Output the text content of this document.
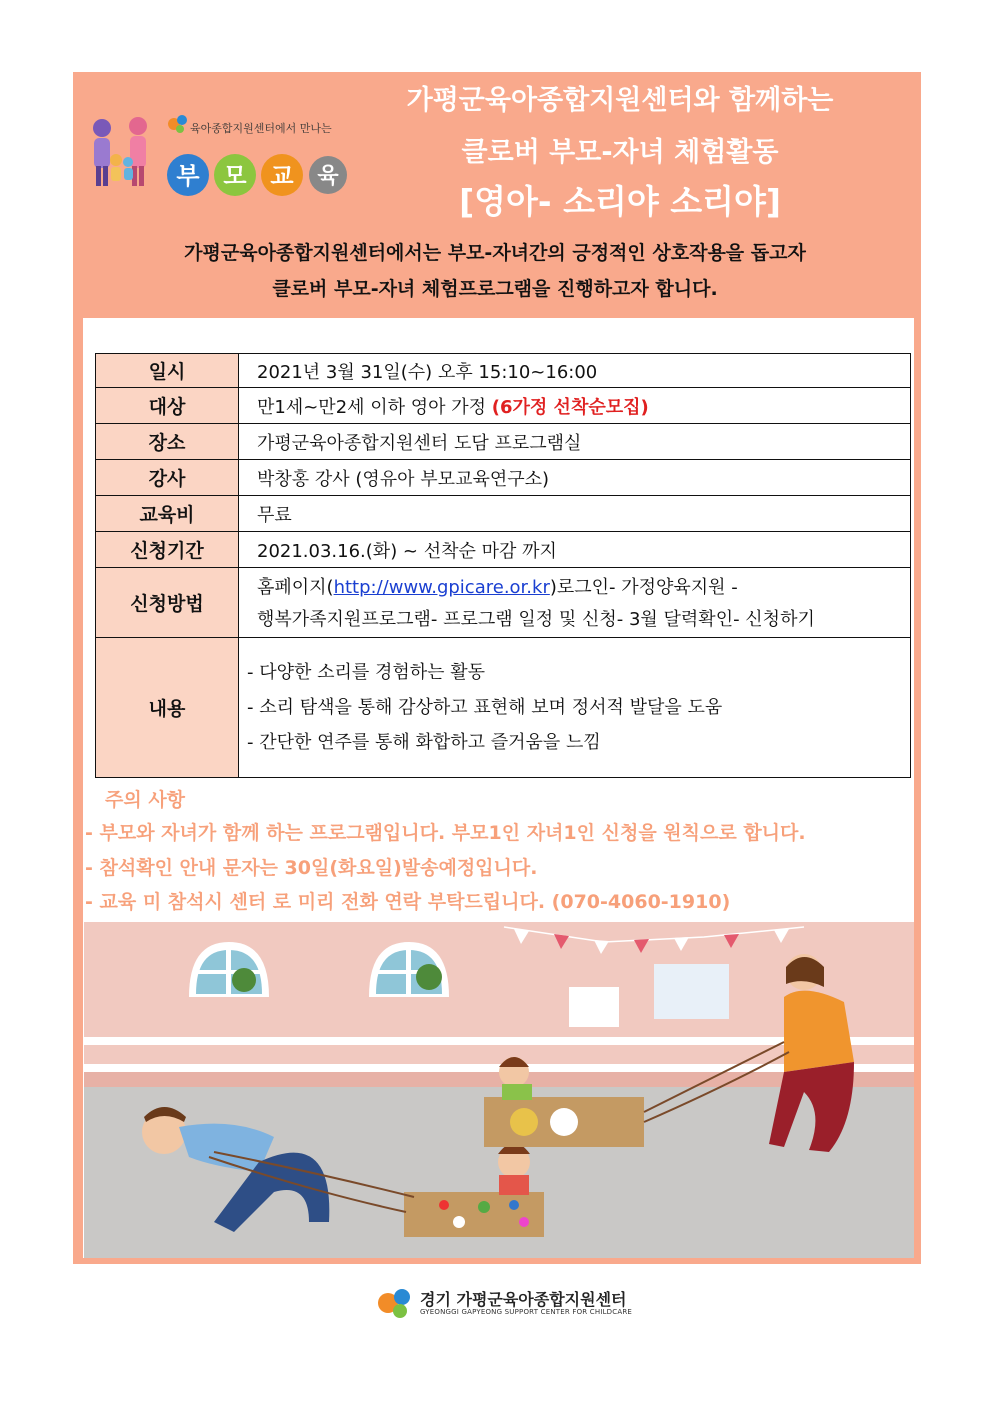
육아종합지원센터에서 만나는
부 모 교 육
가평군육아종합지원센터와 함께하는
클로버 부모-자녀 체험활동
[영아- 소리야 소리야]
가평군육아종합지원센터에서는 부모-자녀간의 긍정적인 상호작용을 돕고자
클로버 부모-자녀 체험프로그램을 진행하고자 합니다.
일시	2021년 3월 31일(수) 오후 15:10~16:00
대상	만1세~만2세 이하 영아 가정 (6가정 선착순모집)
장소	가평군육아종합지원센터 도담 프로그램실
강사	박창홍 강사 (영유아 부모교육연구소)
교육비	무료
신청기간	2021.03.16.(화) ~ 선착순 마감 까지
신청방법	홈페이지(http://www.gpicare.or.kr)로그인- 가정양육지원 -
행복가족지원프로그램- 프로그램 일정 및 신청- 3월 달력확인- 신청하기

내용	- 다양한 소리를 경험하는 활동
- 소리 탐색을 통해 감상하고 표현해 보며 정서적 발달을 도움
- 간단한 연주를 통해 화합하고 즐거움을 느낌
주의 사항
- 부모와 자녀가 함께 하는 프로그램입니다. 부모1인 자녀1인 신청을 원칙으로 합니다.
- 참석확인 안내 문자는 30일(화요일)발송예정입니다.
- 교육 미 참석시 센터 로 미리 전화 연락 부탁드립니다. (070-4060-1910)
경기 가평군육아종합지원센터
GYEONGGI GAPYEONG SUPPORT CENTER FOR CHILDCARE
